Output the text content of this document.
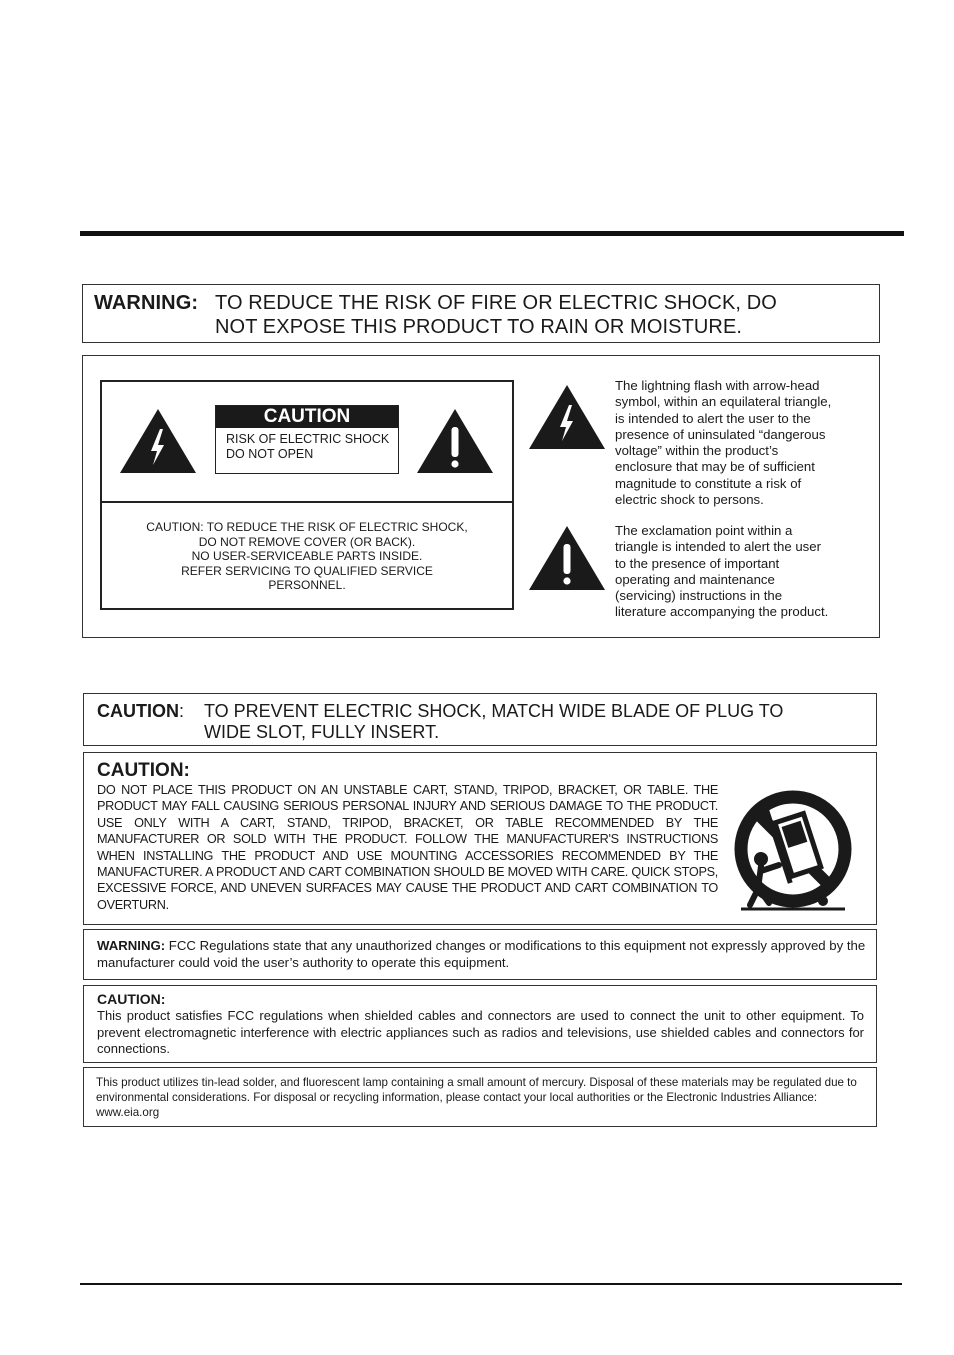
WARNING: TO REDUCE THE RISK OF FIRE OR ELECTRIC SHOCK, DO
NOT EXPOSE THIS PRODUCT TO RAIN OR MOISTURE.
CAUTION
RISK OF ELECTRIC SHOCK
DO NOT OPEN
CAUTION: TO REDUCE THE RISK OF ELECTRIC SHOCK,
DO NOT REMOVE COVER (OR BACK).
NO USER-SERVICEABLE PARTS INSIDE.
REFER SERVICING TO QUALIFIED SERVICE
PERSONNEL.
The lightning flash with arrow-head
symbol, within an equilateral triangle,
is intended to alert the user to the
presence of uninsulated “dangerous
voltage” within the product’s
enclosure that may be of sufficient
magnitude to constitute a risk of
electric shock to persons.
The exclamation point within a
triangle is intended to alert the user
to the presence of important
operating and maintenance
(servicing) instructions in the
literature accompanying the product.
CAUTION: TO PREVENT ELECTRIC SHOCK, MATCH WIDE BLADE OF PLUG TO
WIDE SLOT, FULLY INSERT.
CAUTION:
DO NOT PLACE THIS PRODUCT ON AN UNSTABLE CART, STAND, TRIPOD, BRACKET, OR TABLE. THE PRODUCT MAY FALL CAUSING SERIOUS PERSONAL INJURY AND SERIOUS DAMAGE TO THE PRODUCT. USE ONLY WITH A CART, STAND, TRIPOD, BRACKET, OR TABLE RECOMMENDED BY THE MANUFACTURER OR SOLD WITH THE PRODUCT. FOLLOW THE MANUFACTURER'S INSTRUCTIONS WHEN INSTALLING THE PRODUCT AND USE MOUNTING ACCESSORIES RECOMMENDED BY THE MANUFACTURER. A PRODUCT AND CART COMBINATION SHOULD BE MOVED WITH CARE. QUICK STOPS, EXCESSIVE FORCE, AND UNEVEN SURFACES MAY CAUSE THE PRODUCT AND CART COMBINATION TO OVERTURN.
WARNING: FCC Regulations state that any unauthorized changes or modifications to this equipment not expressly approved by the manufacturer could void the user’s authority to operate this equipment.
CAUTION:
This product satisfies FCC regulations when shielded cables and connectors are used to connect the unit to other equipment. To prevent electromagnetic interference with electric appliances such as radios and televisions, use shielded cables and connectors for connections.
This product utilizes tin-lead solder, and fluorescent lamp containing a small amount of mercury. Disposal of these materials may be regulated due to environmental considerations. For disposal or recycling information, please contact your local authorities or the Electronic Industries Alliance: www.eia.org
